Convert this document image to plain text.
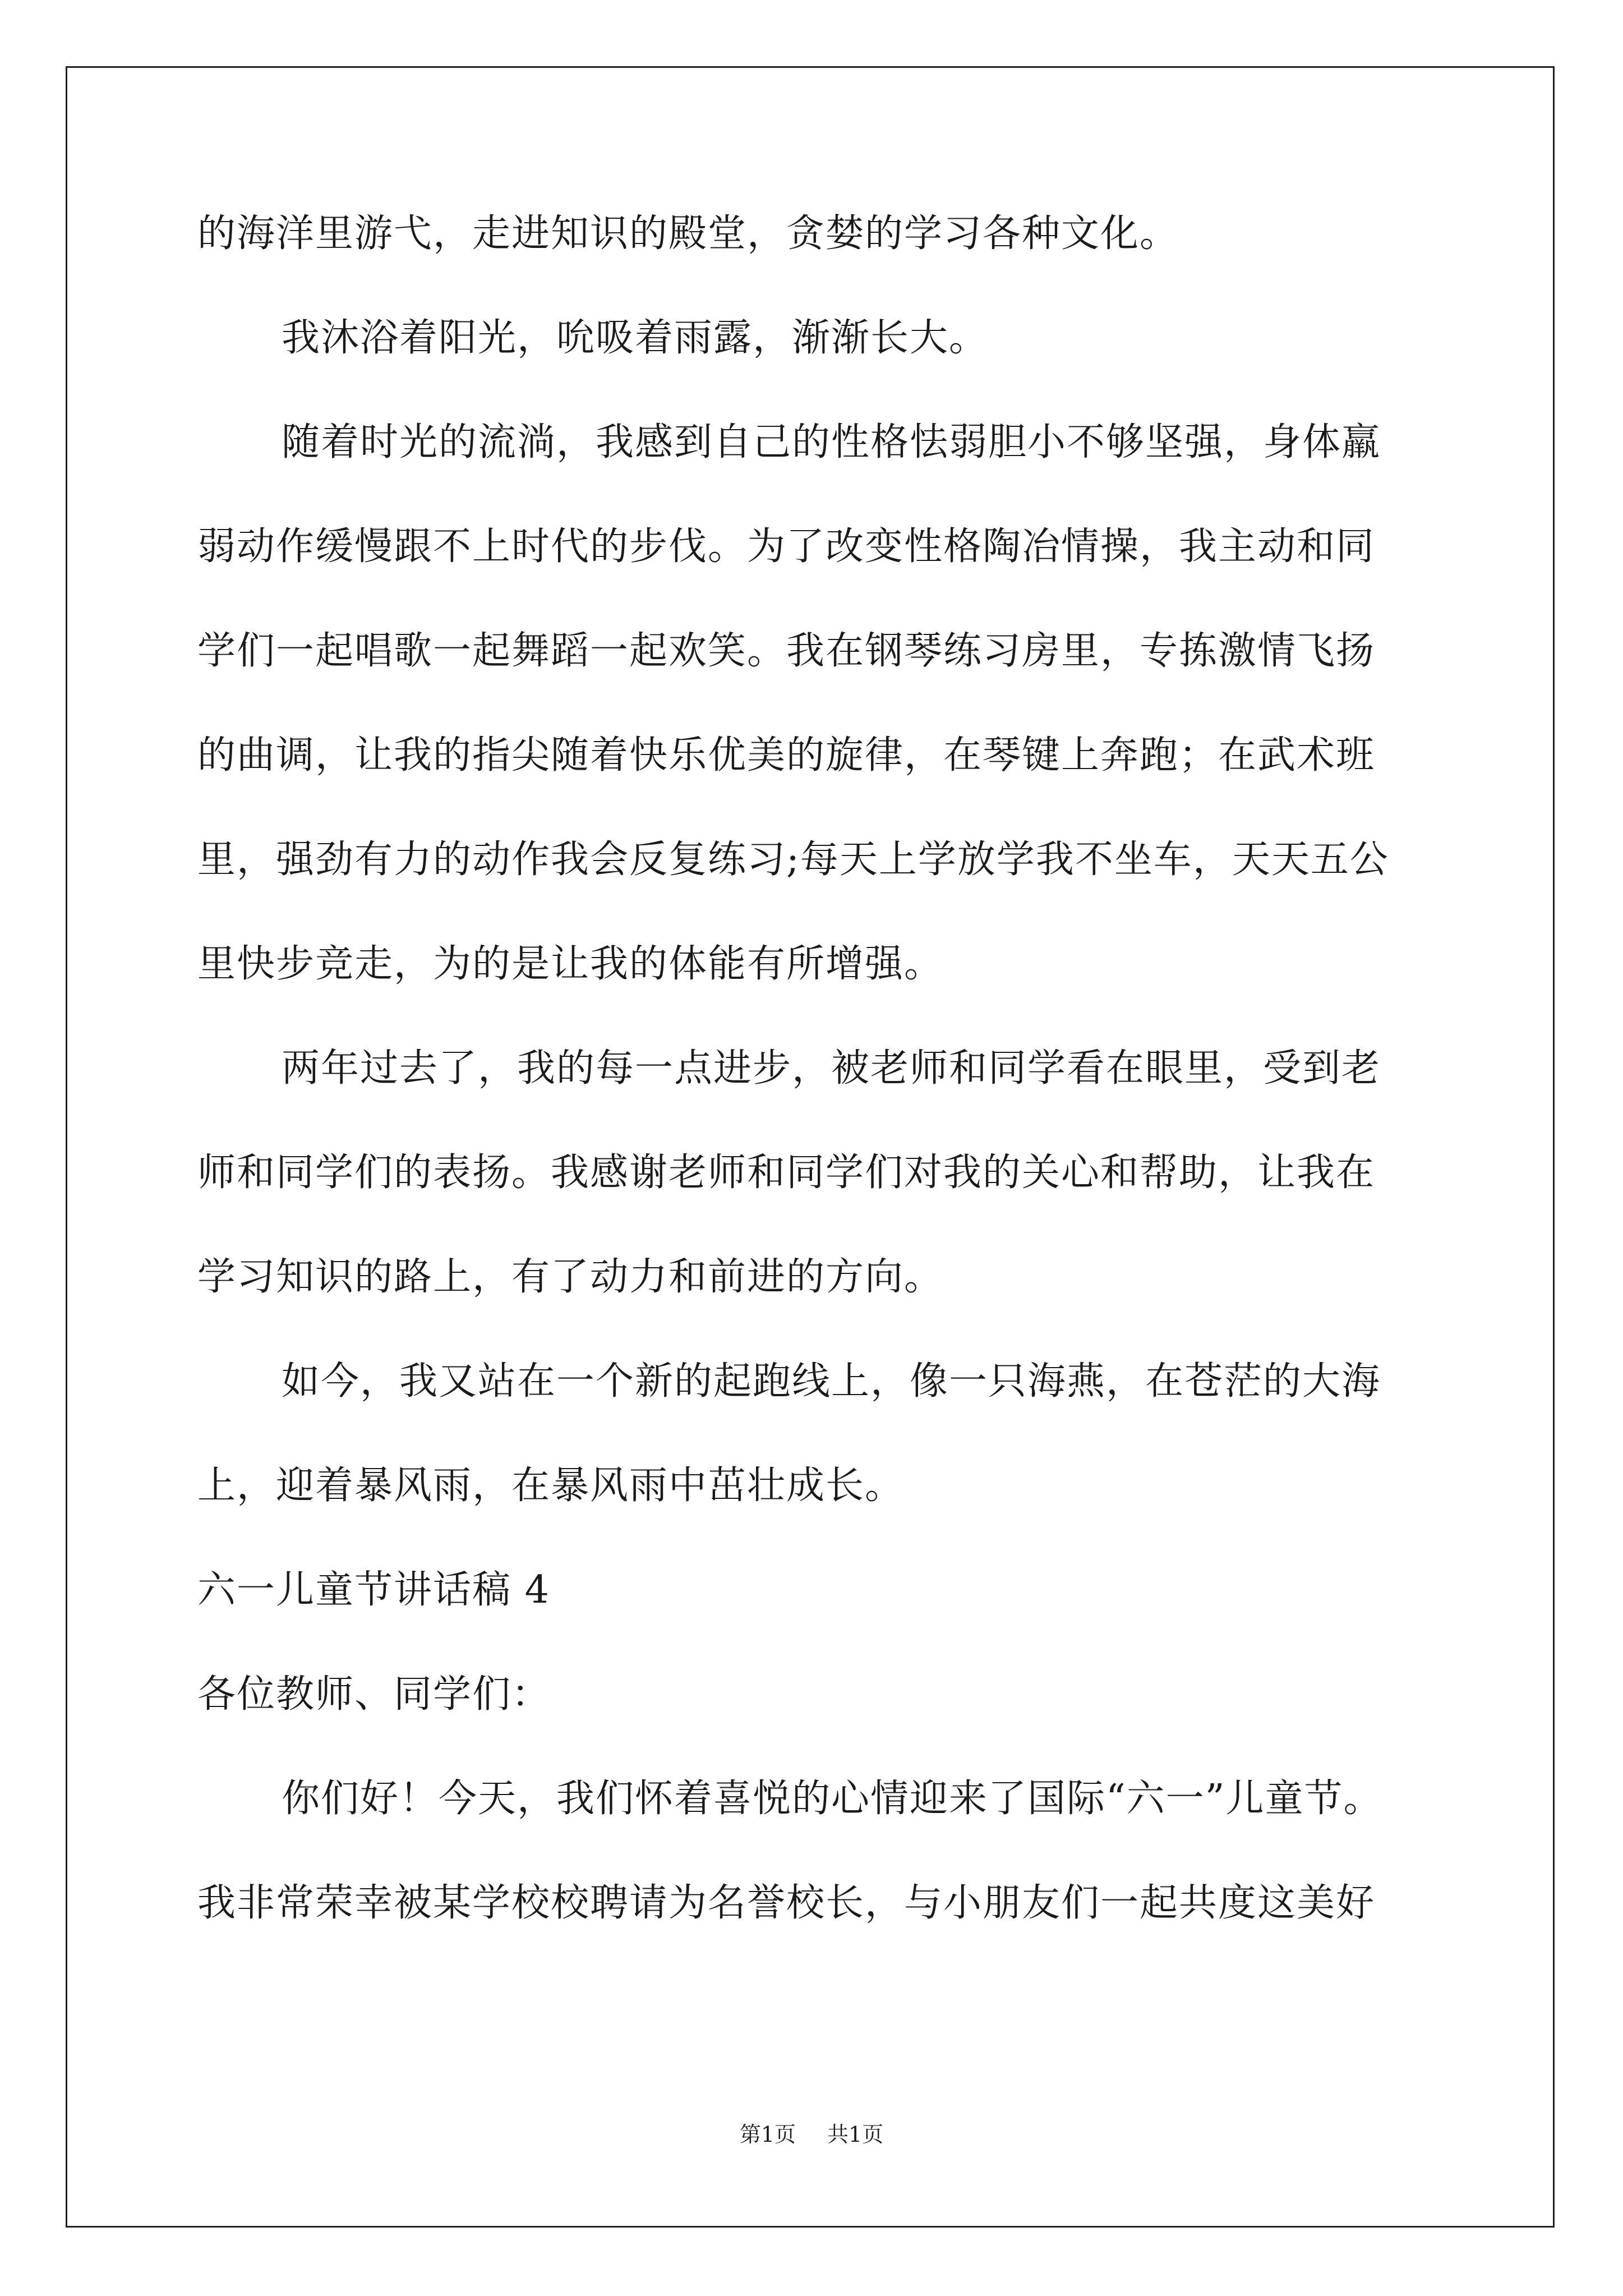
的海洋里游弋，走进知识的殿堂，贪婪的学习各种文化。
我沐浴着阳光，吮吸着雨露，渐渐长大。
随着时光的流淌，我感到自己的性格怯弱胆小不够坚强，身体羸
弱动作缓慢跟不上时代的步伐。为了改变性格陶冶情操，我主动和同
学们一起唱歌一起舞蹈一起欢笑。我在钢琴练习房里，专拣激情飞扬
的曲调，让我的指尖随着快乐优美的旋律，在琴键上奔跑；在武术班
里，强劲有力的动作我会反复练习;每天上学放学我不坐车，天天五公
里快步竞走，为的是让我的体能有所增强。
两年过去了，我的每一点进步，被老师和同学看在眼里，受到老
师和同学们的表扬。我感谢老师和同学们对我的关心和帮助，让我在
学习知识的路上，有了动力和前进的方向。
如今，我又站在一个新的起跑线上，像一只海燕，在苍茫的大海
上，迎着暴风雨，在暴风雨中茁壮成长。
六一儿童节讲话稿 4
各位教师、同学们：
你们好！今天，我们怀着喜悦的心情迎来了国际“六一”儿童节。
我非常荣幸被某学校校聘请为名誉校长，与小朋友们一起共度这美好
第1页 共1页
